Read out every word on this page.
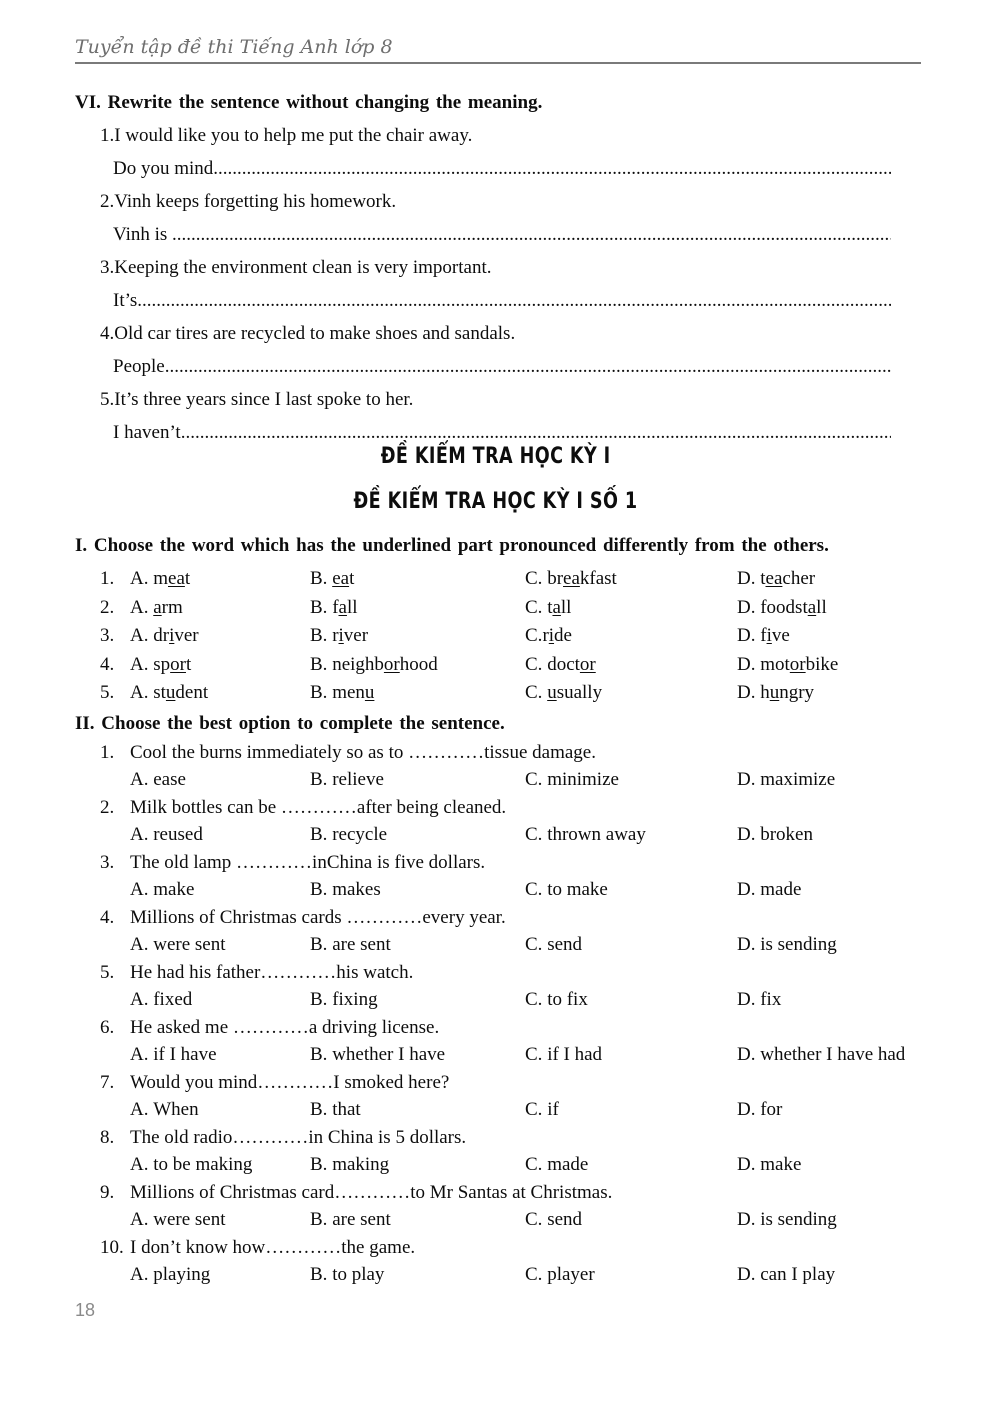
Tuyển tập đề thi Tiếng Anh lớp 8
VI. Rewrite the sentence without changing the meaning.
1.I would like you to help me put the chair away.
Do you mind
.....
2.Vinh keeps forgetting his homework.
Vinh is
.....
3.Keeping the environment clean is very important.
It’s
.....
4.Old car tires are recycled to make shoes and sandals.
People
.....
5.It’s three years since I last spoke to her.
I haven’t
.....
ĐỀ KIỂM TRA HỌC KỲ I
ĐỀ KIỂM TRA HỌC KỲ I SỐ 1
I. Choose the word which has the underlined part pronounced differently from the others.
1. A. meat	B. eat	C. breakfast	D. teacher
2. A. arm	B. fall	C. tall	D. foodstall
3. A. driver	B. river	C.ride	D. five
4. A. sport	B. neighborhood	C. doctor	D. motorbike
5. A. student	B. menu	C. usually	D. hungry
II. Choose the best option to complete the sentence.
1. Cool the burns immediately so as to …………tissue damage.
A. ease	B. relieve	C. minimize	D. maximize
2. Milk bottles can be …………after being cleaned.
A. reused	B. recycle	C. thrown away	D. broken
3. The old lamp …………inChina is five dollars.
A. make	B. makes	C. to make	D. made
4. Millions of Christmas cards …………every year.
A. were sent	B. are sent	C. send	D. is sending
5. He had his father…………his watch.
A. fixed	B. fixing	C. to fix	D. fix
6. He asked me …………a driving license.
A. if I have	B. whether I have	C. if I had	D. whether I have had
7. Would you mind…………I smoked here?
A. When	B. that	C. if	D. for
8. The old radio…………in China is 5 dollars.
A. to be making	B. making	C. made	D. make
9. Millions of Christmas card…………to Mr Santas at Christmas.
A. were sent	B. are sent	C. send	D. is sending
10. I don’t know how…………the game.
A. playing	B. to play	C. player	D. can I play
18
